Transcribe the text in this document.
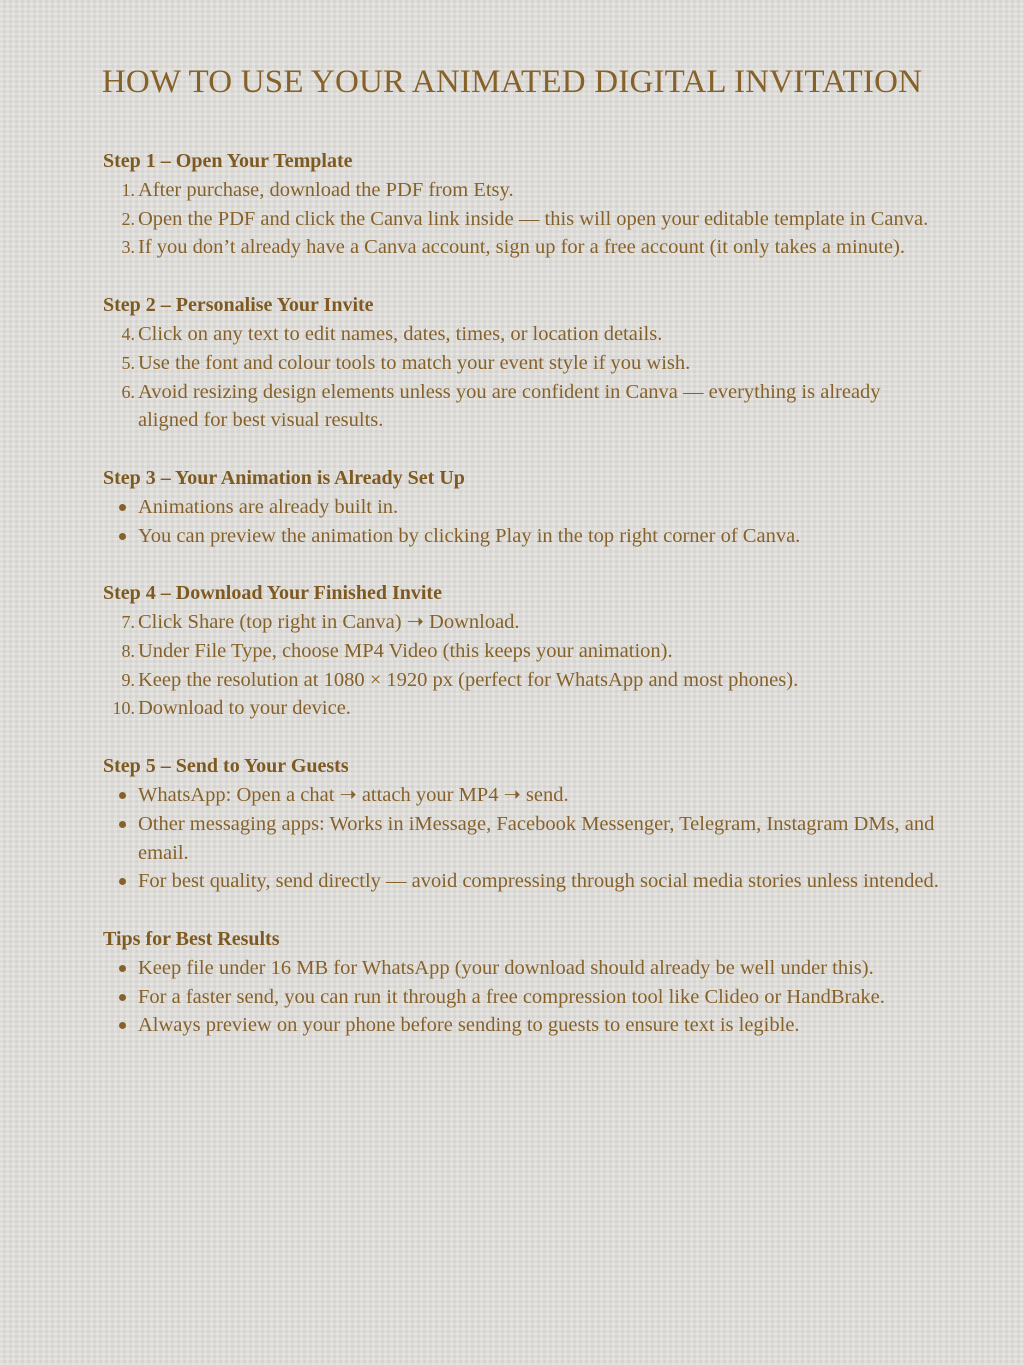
HOW TO USE YOUR ANIMATED DIGITAL INVITATION
Step 1 – Open Your Template
1. After purchase, download the PDF from Etsy.
2. Open the PDF and click the Canva link inside — this will open your editable template in Canva.
3. If you don’t already have a Canva account, sign up for a free account (it only takes a minute).
Step 2 – Personalise Your Invite
4. Click on any text to edit names, dates, times, or location details.
5. Use the font and colour tools to match your event style if you wish.
6. Avoid resizing design elements unless you are confident in Canva — everything is already aligned for best visual results.
Step 3 – Your Animation is Already Set Up
Animations are already built in.
You can preview the animation by clicking Play in the top right corner of Canva.
Step 4 – Download Your Finished Invite
7. Click Share (top right in Canva) ➝ Download.
8. Under File Type, choose MP4 Video (this keeps your animation).
9. Keep the resolution at 1080 × 1920 px (perfect for WhatsApp and most phones).
10. Download to your device.
Step 5 – Send to Your Guests
WhatsApp: Open a chat ➝ attach your MP4 ➝ send.
Other messaging apps: Works in iMessage, Facebook Messenger, Telegram, Instagram DMs, and email.
For best quality, send directly — avoid compressing through social media stories unless intended.
Tips for Best Results
Keep file under 16 MB for WhatsApp (your download should already be well under this).
For a faster send, you can run it through a free compression tool like Clideo or HandBrake.
Always preview on your phone before sending to guests to ensure text is legible.
